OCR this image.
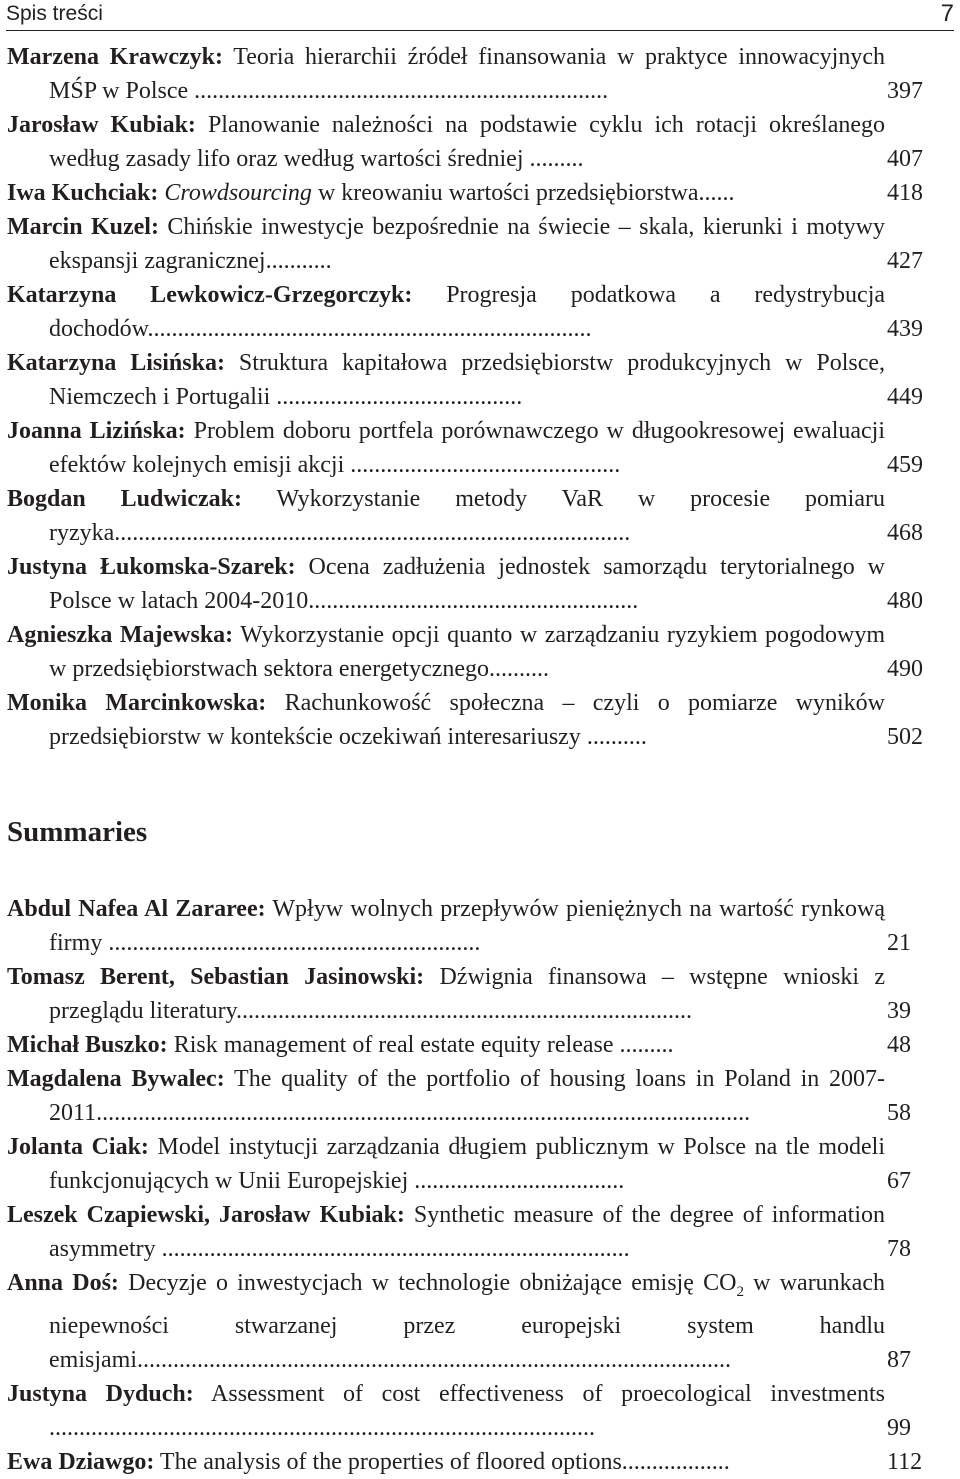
Spis treści	7
Marzena Krawczyk: Teoria hierarchii źródeł finansowania w praktyce innowacyjnych MŚP w Polsce .....................................................................	397
Jarosław Kubiak: Planowanie należności na podstawie cyklu ich rotacji określanego według zasady lifo oraz według wartości średniej .........	407
Iwa Kuchciak: Crowdsourcing w kreowaniu wartości przedsiębiorstwa......	418
Marcin Kuzel: Chińskie inwestycje bezpośrednie na świecie – skala, kierunki i motywy ekspansji zagranicznej...........	427
Katarzyna Lewkowicz-Grzegorczyk: Progresja podatkowa a redystrybucja dochodów..........................................................................	439
Katarzyna Lisińska: Struktura kapitałowa przedsiębiorstw produkcyjnych w Polsce, Niemczech i Portugalii .........................................	449
Joanna Lizińska: Problem doboru portfela porównawczego w długookresowej ewaluacji efektów kolejnych emisji akcji .............................................	459
Bogdan Ludwiczak: Wykorzystanie metody VaR w procesie pomiaru ryzyka......................................................................................	468
Justyna Łukomska-Szarek: Ocena zadłużenia jednostek samorządu terytorialnego w Polsce w latach 2004-2010.......................................................	480
Agnieszka Majewska: Wykorzystanie opcji quanto w zarządzaniu ryzykiem pogodowym w przedsiębiorstwach sektora energetycznego..........	490
Monika Marcinkowska: Rachunkowość społeczna – czyli o pomiarze wyników przedsiębiorstw w kontekście oczekiwań interesariuszy ..........	502
Summaries
Abdul Nafea Al Zararee: Wpływ wolnych przepływów pieniężnych na wartość rynkową firmy ..............................................................	21
Tomasz Berent, Sebastian Jasinowski: Dźwignia finansowa – wstępne wnioski z przeglądu literatury............................................................................	39
Michał Buszko: Risk management of real estate equity release .........	48
Magdalena Bywalec: The quality of the portfolio of housing loans in Poland in 2007-2011.............................................................................................................	58
Jolanta Ciak: Model instytucji zarządzania długiem publicznym w Polsce na tle modeli funkcjonujących w Unii Europejskiej ...................................	67
Leszek Czapiewski, Jarosław Kubiak: Synthetic measure of the degree of information asymmetry ..............................................................................	78
Anna Doś: Decyzje o inwestycjach w technologie obniżające emisję $CO_2$ w warunkach niepewności stwarzanej przez europejski system handlu emisjami...................................................................................................	87
Justyna Dyduch: Assessment of cost effectiveness of proecological investments ...........................................................................................	99
Ewa Dziawgo: The analysis of the properties of floored options..................	112
